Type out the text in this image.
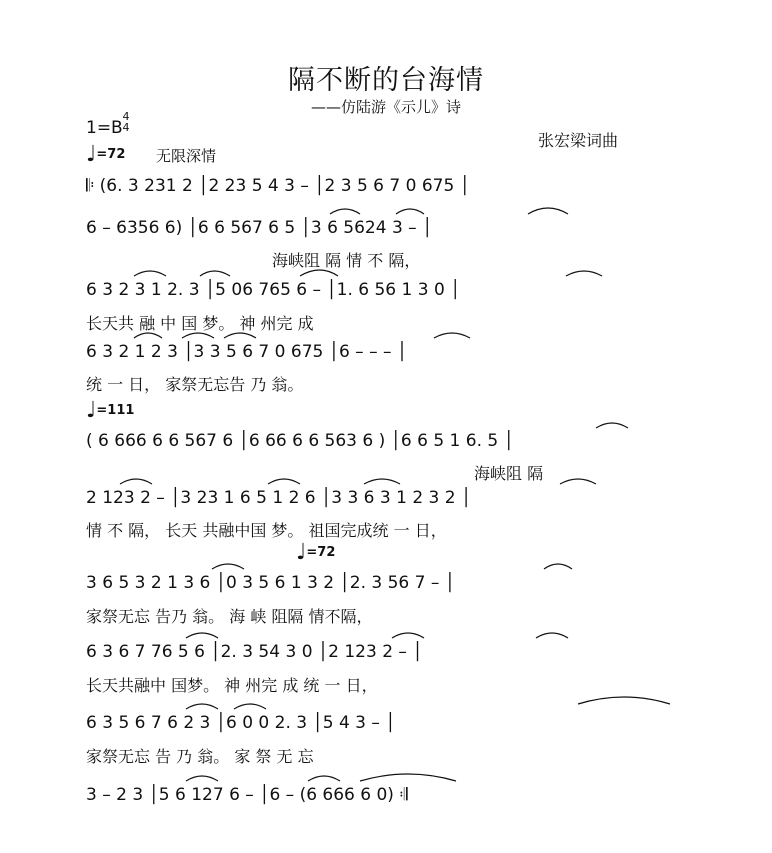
隔不断的台海情
——仿陆游《示儿》诗
1=B
4
4
张宏梁词曲
♩=72 无限深情
♩=111
♩=72
𝄆 (6. 3 231 2 │2 23 5 4 3 – │2 3 5 6 7 0 675 │
6 – 6356 6) │6 6 567 6 5 │3 6 5624 3 – │
海峡阻 隔 情 不 隔，
6 3 2 3 1 2. 3 │5 06 765 6 – │1. 6 56 1 3 0 │
长天共 融 中 国 梦。 神 州完 成
6 3 2 1 2 3 │3 3 5 6 7 0 675 │6 – – – │
统 一 日， 家祭无忘告 乃 翁。
( 6 666 6 6 567 6 │6 66 6 6 563 6 ) │6 6 5 1 6. 5 │
海峡阻 隔
2 123 2 – │3 23 1 6 5 1 2 6 │3 3 6 3 1 2 3 2 │
情 不 隔， 长天 共融中国 梦。 祖国完成统 一 日，
3 6 5 3 2 1 3 6 │0 3 5 6 1 3 2 │2. 3 56 7 – │
家祭无忘 告乃 翁。 海 峡 阻隔 情不隔，
6 3 6 7 76 5 6 │2. 3 54 3 0 │2 123 2 – │
长天共融中 国梦。 神 州完 成 统 一 日，
6 3 5 6 7 6 2 3 │6 0 0 2. 3 │5 4 3 – │
家祭无忘 告 乃 翁。 家 祭 无 忘
3 – 2 3 │5 6 127 6 – │6 – (6 666 6 0) 𝄇
